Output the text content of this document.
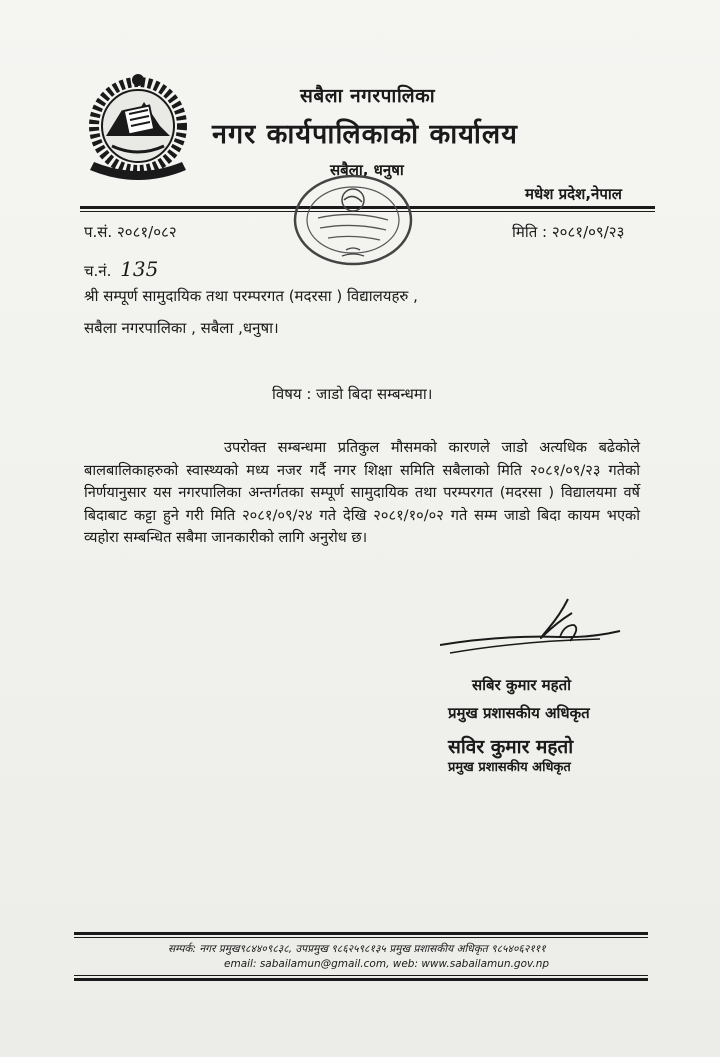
सबैला नगरपालिका
नगर कार्यपालिकाको कार्यालय
सबैला, धनुषा
मधेश प्रदेश,नेपाल
प.सं. २०८१/०८२	मिति : २०८१/०९/२३
च.नं. 135
श्री सम्पूर्ण सामुदायिक तथा परम्परगत (मदरसा ) विद्यालयहरु ,
सबैला नगरपालिका , सबैला ,धनुषा।
विषय : जाडो बिदा सम्बन्धमा।
उपरोक्त सम्बन्धमा प्रतिकुल मौसमको कारणले जाडो अत्यधिक बढेकोले बालबालिकाहरुको स्वास्थ्यको मध्य नजर गर्दै नगर शिक्षा समिति सबैलाको मिति २०८१/०९/२३ गतेको निर्णयानुसार यस नगरपालिका अन्तर्गतका सम्पूर्ण सामुदायिक तथा परम्परगत (मदरसा ) विद्यालयमा वर्षे बिदाबाट कट्टा हुने गरी मिति २०८१/०९/२४ गते देखि २०८१/१०/०२ गते सम्म जाडो बिदा कायम भएको व्यहोरा सम्बन्धित सबैमा जानकारीको लागि अनुरोध छ।
सबिर कुमार महतो
प्रमुख प्रशासकीय अधिकृत
सविर कुमार महतो
प्रमुख प्रशासकीय अधिकृत
सम्पर्क: नगर प्रमुख९८४४०९८३८, उपप्रमुख ९८६२५९८१३५ प्रमुख प्रशासकीय अधिकृत ९८५४०६२१११
email: sabailamun@gmail.com, web: www.sabailamun.gov.np
